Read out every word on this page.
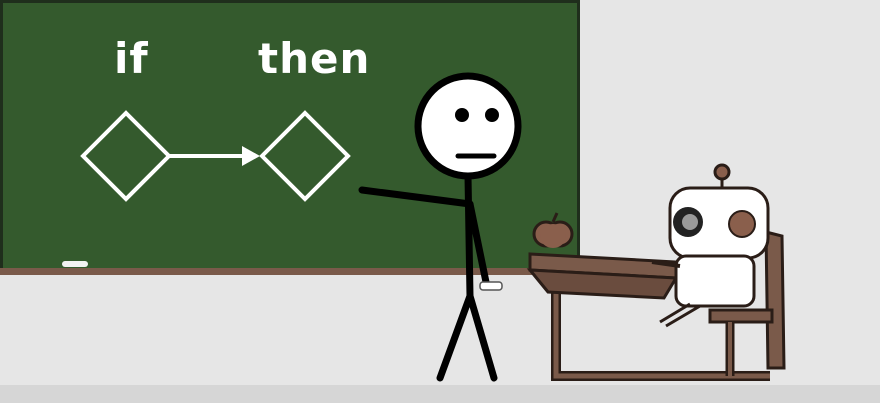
if	then
